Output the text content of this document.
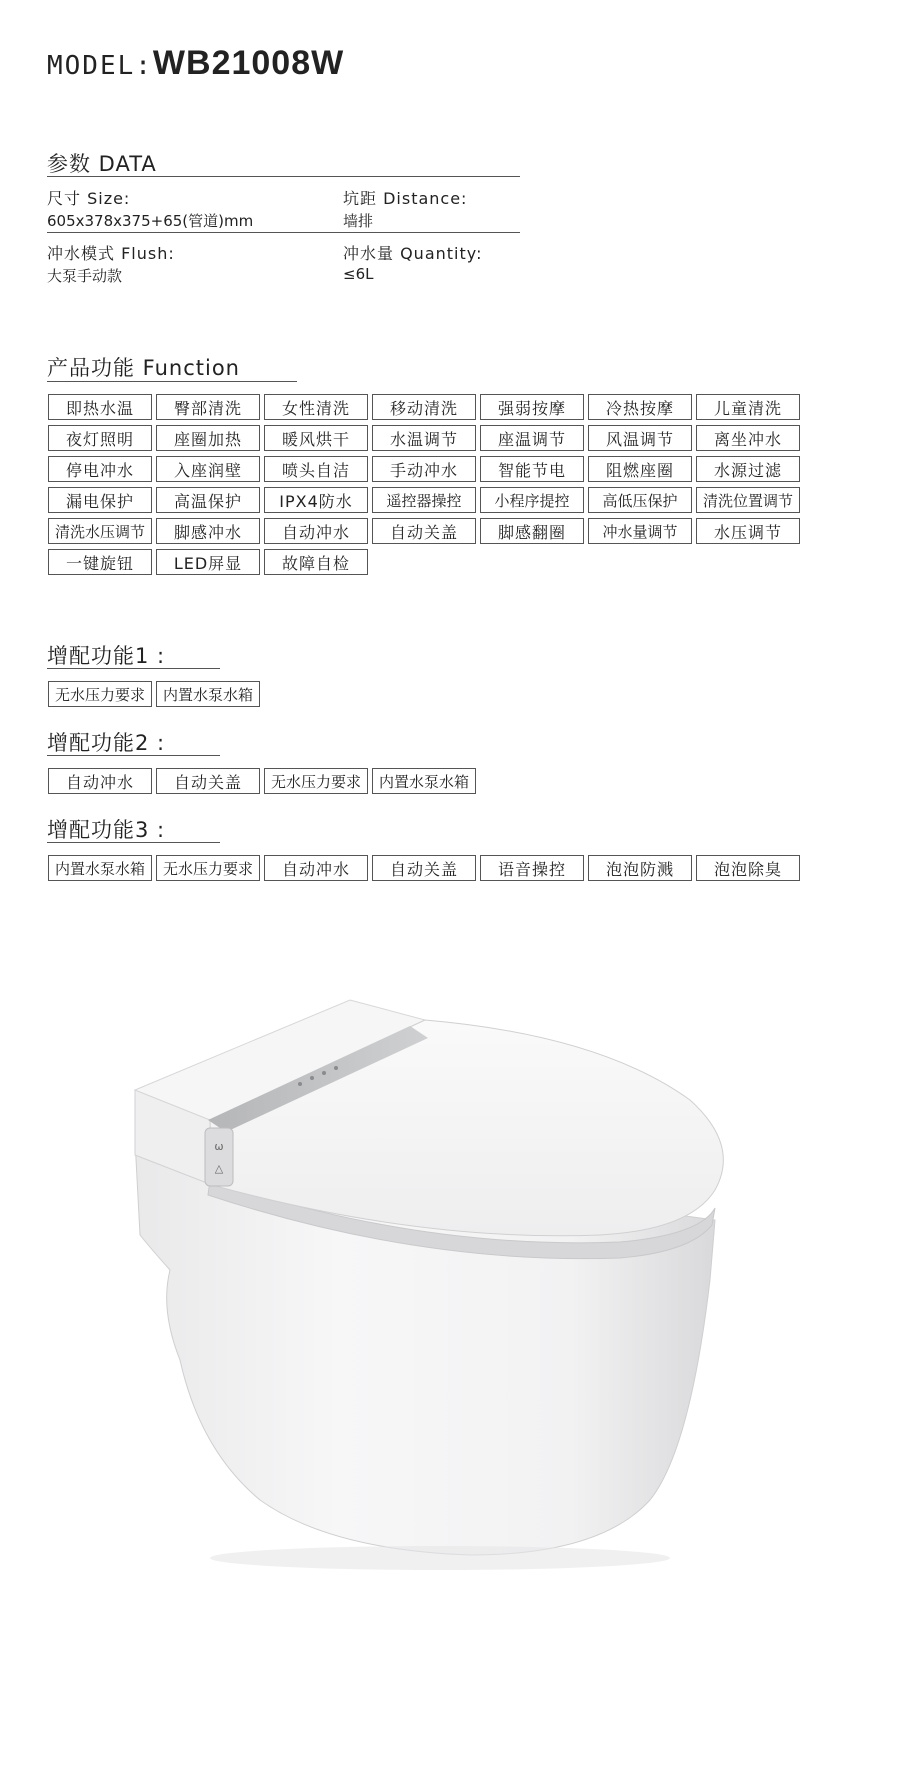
MODEL:WB21008W
参数 DATA
尺寸 Size:
605x378x375+65(管道)mm
坑距 Distance:
墙排
冲水模式 Flush:
大泵手动款
冲水量 Quantity:
≤6L
产品功能 Function
即热水温	臀部清洗	女性清洗	移动清洗	强弱按摩	冷热按摩	儿童清洗
夜灯照明	座圈加热	暖风烘干	水温调节	座温调节	风温调节	离坐冲水
停电冲水	入座润壁	喷头自洁	手动冲水	智能节电	阻燃座圈	水源过滤
漏电保护	高温保护	IPX4防水	遥控器操控	小程序提控	高低压保护	清洗位置调节
清洗水压调节	脚感冲水	自动冲水	自动关盖	脚感翻圈	冲水量调节	水压调节
一键旋钮	LED屏显	故障自检
增配功能1 :
无水压力要求	内置水泵水箱
增配功能2 :
自动冲水	自动关盖	无水压力要求	内置水泵水箱
增配功能3 :
内置水泵水箱	无水压力要求	自动冲水	自动关盖	语音操控	泡泡防溅	泡泡除臭
ω
△
